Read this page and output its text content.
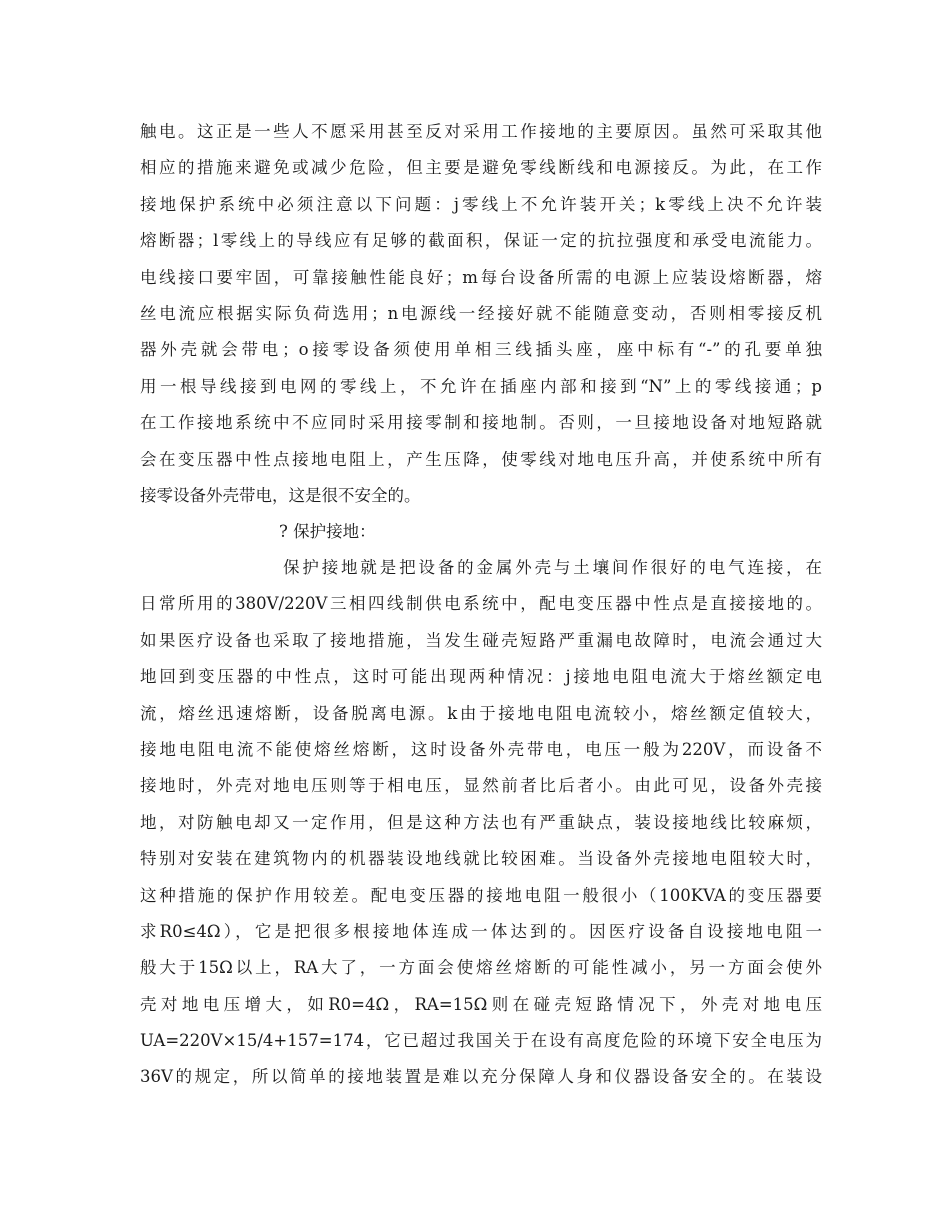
触电。这正是一些人不愿采用甚至反对采用工作接地的主要原因。虽然可采取其他
相应的措施来避免或减少危险，但主要是避免零线断线和电源接反。为此，在工作
接地保护系统中必须注意以下问题：j零线上不允许装开关；k零线上决不允许装
熔断器；l零线上的导线应有足够的截面积，保证一定的抗拉强度和承受电流能力。
电线接口要牢固，可靠接触性能良好；m每台设备所需的电源上应装设熔断器，熔
丝电流应根据实际负荷选用；n电源线一经接好就不能随意变动，否则相零接反机
器外壳就会带电；o接零设备须使用单相三线插头座，座中标有“-”的孔要单独
用一根导线接到电网的零线上，不允许在插座内部和接到“N”上的零线接通；p
在工作接地系统中不应同时采用接零制和接地制。否则，一旦接地设备对地短路就
会在变压器中性点接地电阻上，产生压降，使零线对地电压升高，并使系统中所有
接零设备外壳带电，这是很不安全的。
? 保护接地：
保护接地就是把设备的金属外壳与土壤间作很好的电气连接，在
日常所用的380V/220V三相四线制供电系统中，配电变压器中性点是直接接地的。
如果医疗设备也采取了接地措施，当发生碰壳短路严重漏电故障时，电流会通过大
地回到变压器的中性点，这时可能出现两种情况：j接地电阻电流大于熔丝额定电
流，熔丝迅速熔断，设备脱离电源。k由于接地电阻电流较小，熔丝额定值较大，
接地电阻电流不能使熔丝熔断，这时设备外壳带电，电压一般为220V，而设备不
接地时，外壳对地电压则等于相电压，显然前者比后者小。由此可见，设备外壳接
地，对防触电却又一定作用，但是这种方法也有严重缺点，装设接地线比较麻烦，
特别对安装在建筑物内的机器装设地线就比较困难。当设备外壳接地电阻较大时，
这种措施的保护作用较差。配电变压器的接地电阻一般很小（100KVA的变压器要
求R0≤4Ω），它是把很多根接地体连成一体达到的。因医疗设备自设接地电阻一
般大于15Ω以上，RA大了，一方面会使熔丝熔断的可能性减小，另一方面会使外
壳对地电压增大，如R0=4Ω，RA=15Ω则在碰壳短路情况下，外壳对地电压
UA=220V×15/4+157=174，它已超过我国关于在设有高度危险的环境下安全电压为
36V的规定，所以简单的接地装置是难以充分保障人身和仪器设备安全的。在装设
